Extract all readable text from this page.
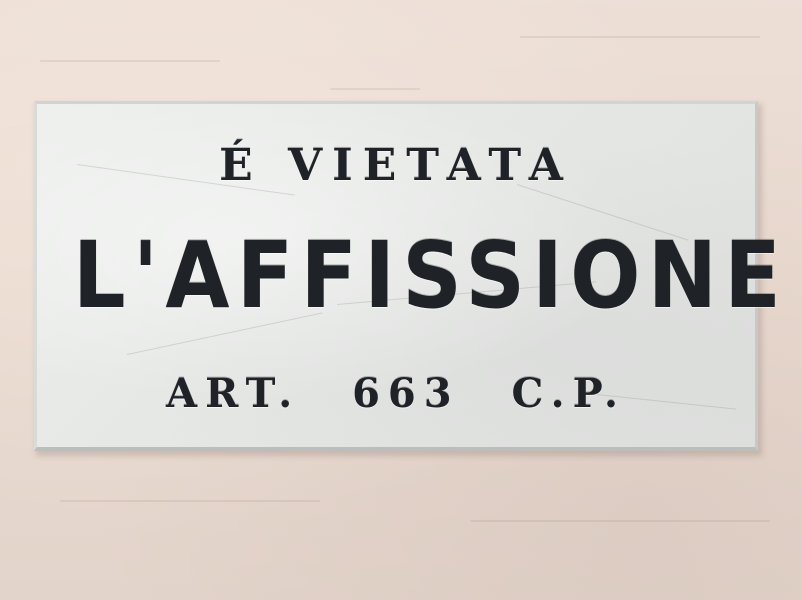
É VIETATA
L'AFFISSIONE
ART. 663 C.P.
